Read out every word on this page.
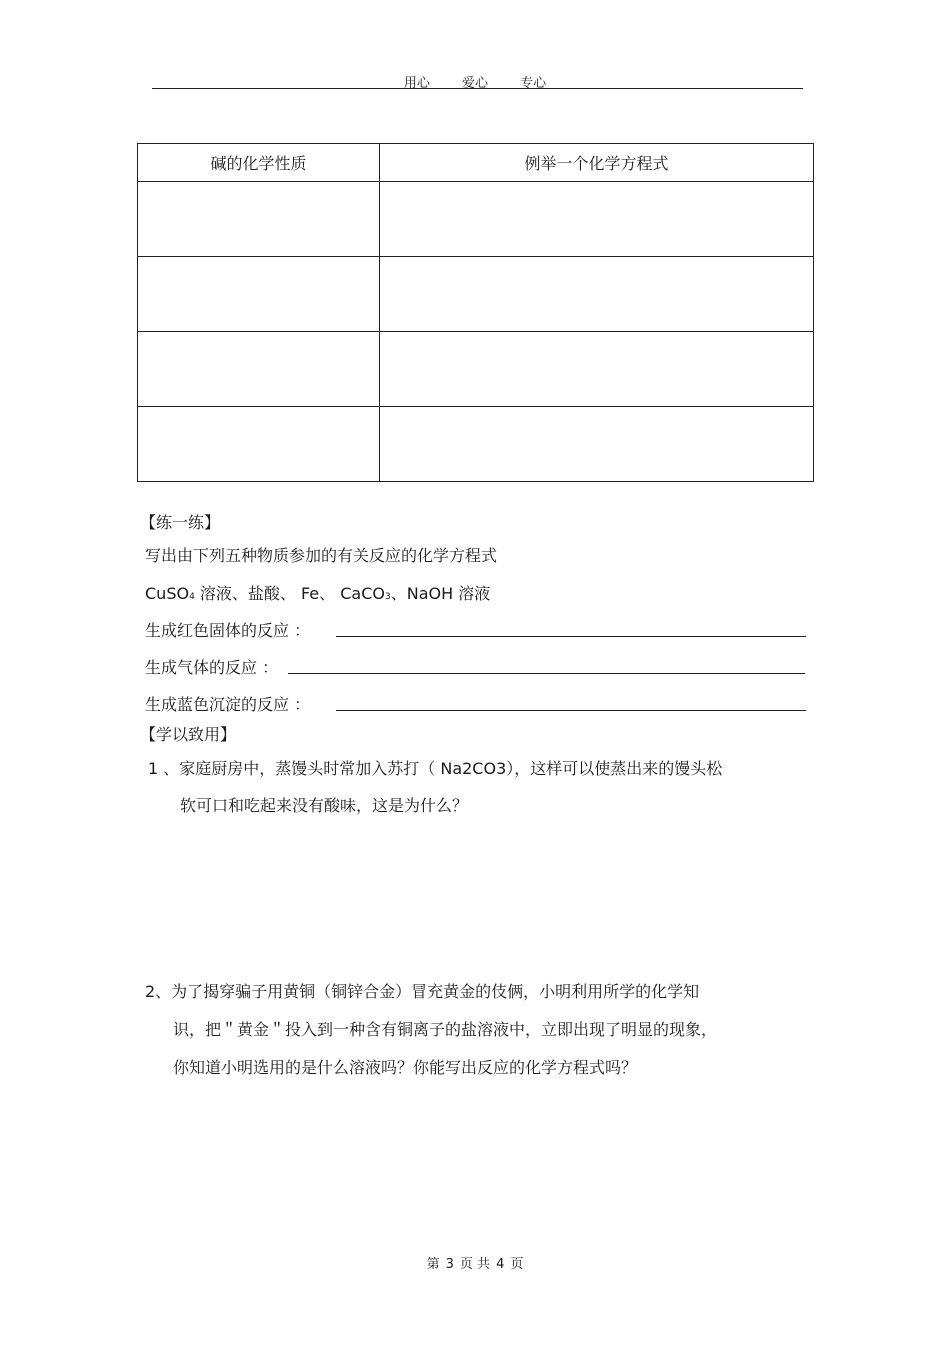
用心 爱心 专心
碱的化学性质	例举一个化学方程式

【练一练】
写出由下列五种物质参加的有关反应的化学方程式
CuSO4 溶液、盐酸、 Fe、 CaCO3、NaOH 溶液
生成红色固体的反应 ：
生成气体的反应 ：
生成蓝色沉淀的反应 ：
【学以致用】
1 、家庭厨房中，蒸馒头时常加入苏打（ Na2CO3），这样可以使蒸出来的馒头松
软可口和吃起来没有酸味，这是为什么？
2、为了揭穿骗子用黄铜（铜锌合金）冒充黄金的伎俩，小明利用所学的化学知
识，把＂黄金＂投入到一种含有铜离子的盐溶液中，立即出现了明显的现象，
你知道小明选用的是什么溶液吗？你能写出反应的化学方程式吗？
第 3 页 共 4 页
